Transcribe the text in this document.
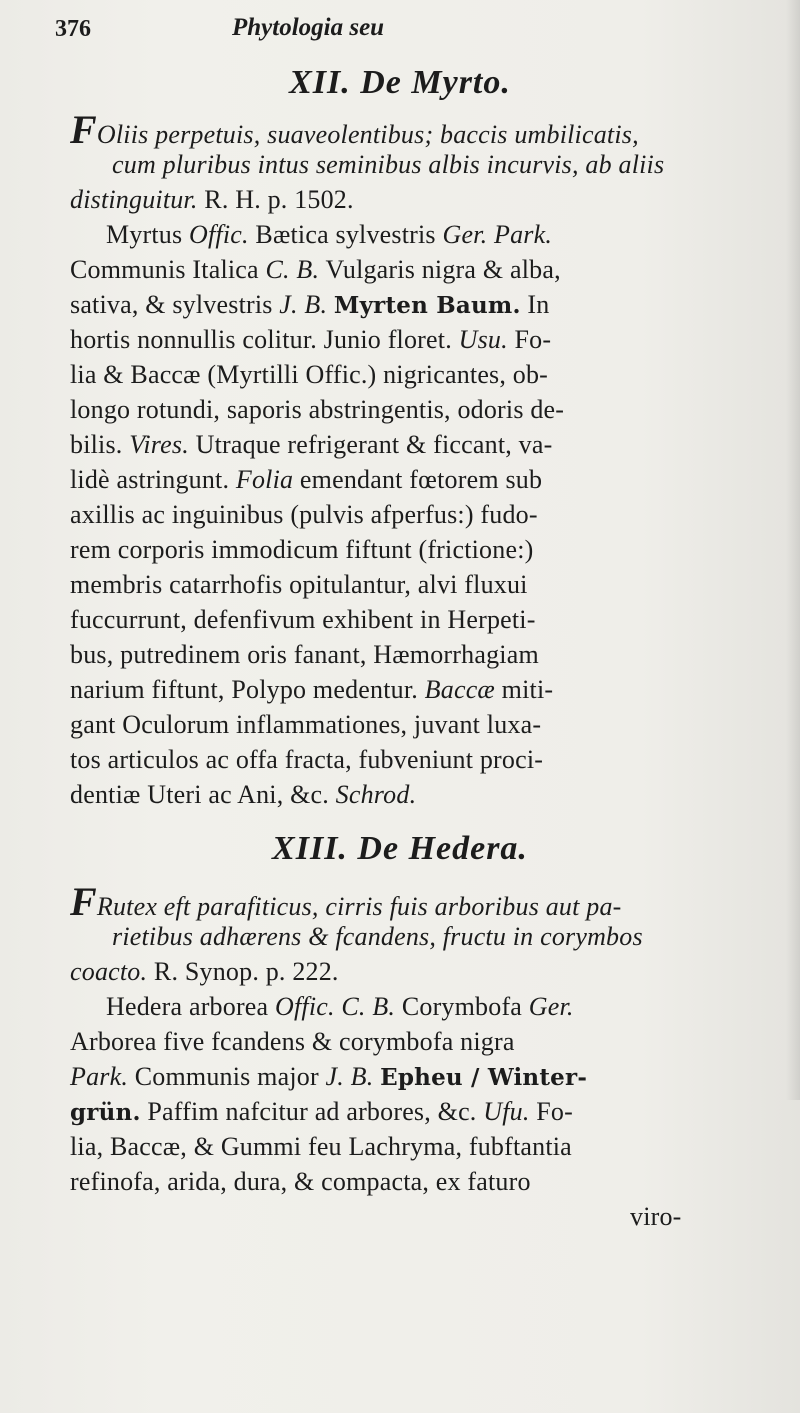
376	Phytologia seu
XII. De Myrto.
FOliis perpetuis, suaveolentibus; baccis umbilicatis,
cum pluribus intus seminibus albis incurvis, ab aliis
distinguitur. R. H. p. 1502.
Myrtus Offic. Bætica sylvestris Ger. Park.
Communis Italica C. B. Vulgaris nigra & alba,
sativa, & sylvestris J. B. Myrten Baum. In
hortis nonnullis colitur. Junio floret. Usu. Fo-
lia & Baccæ (Myrtilli Offic.) nigricantes, ob-
longo rotundi, saporis abstringentis, odoris de-
bilis. Vires. Utraque refrigerant & ficcant, va-
lidè astringunt. Folia emendant fœtorem sub
axillis ac inguinibus (pulvis afperfus:) fudo-
rem corporis immodicum fiftunt (frictione:)
membris catarrhofis opitulantur, alvi fluxui
fuccurrunt, defenfivum exhibent in Herpeti-
bus, putredinem oris fanant, Hæmorrhagiam
narium fiftunt, Polypo medentur. Baccæ miti-
gant Oculorum inflammationes, juvant luxa-
tos articulos ac offa fracta, fubveniunt proci-
dentiæ Uteri ac Ani, &c. Schrod.
XIII. De Hedera.
FRutex eft parafiticus, cirris fuis arboribus aut pa-
rietibus adhærens & fcandens, fructu in corymbos
coacto. R. Synop. p. 222.
Hedera arborea Offic. C. B. Corymbofa Ger.
Arborea five fcandens & corymbofa nigra
Park. Communis major J. B. Epheu / Winter-
grün. Paffim nafcitur ad arbores, &c. Ufu. Fo-
lia, Baccæ, & Gummi feu Lachryma, fubftantia
refinofa, arida, dura, & compacta, ex faturo
viro-
